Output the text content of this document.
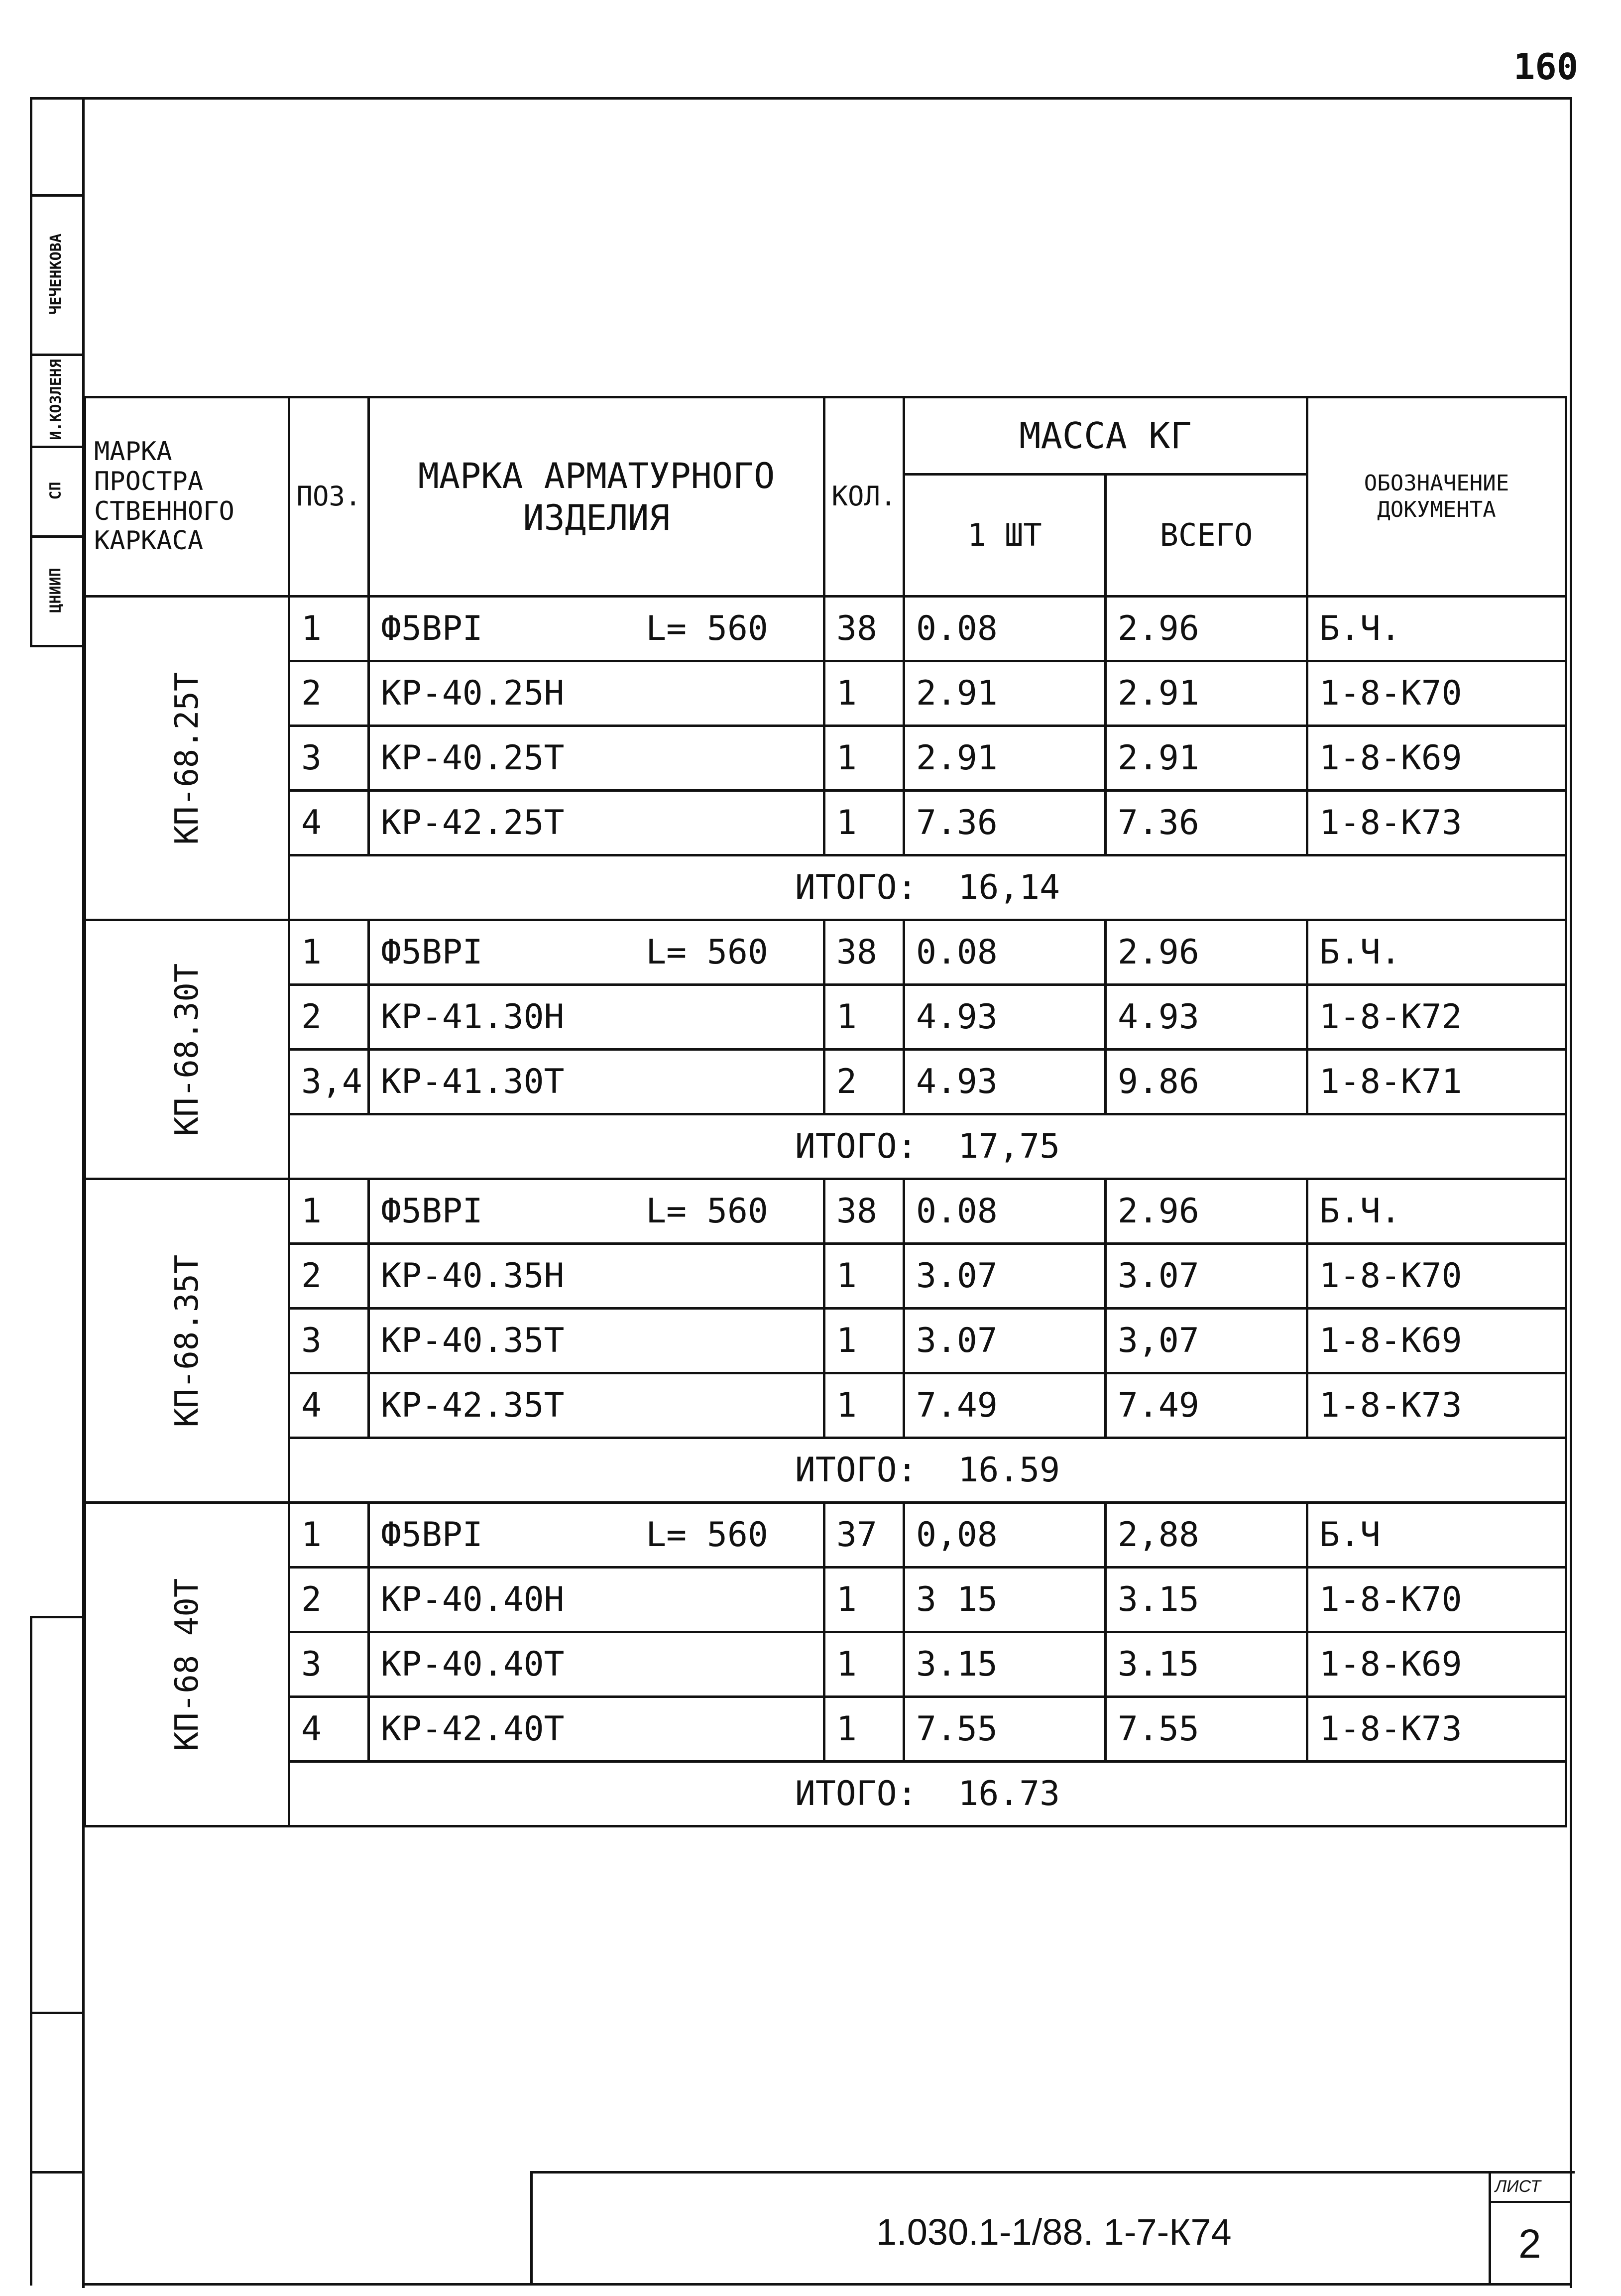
160
ЧЕЧЕНКОВА
И.КОЗЛЕНЯ
СП
ЦНИИП
МАРКА ПРОСТРА СТВЕННОГО КАРКАСА	ПОЗ.	МАРКА АРМАТУРНОГО ИЗДЕЛИЯ	КОЛ.	МАССА КГ		ОБОЗНАЧЕНИЕ ДОКУМЕНТА
				1 ШТ	ВСЕГО	

КП-68.25Т	1	Ф5ВРI        L= 560	38	0.08	2.96	Б.Ч.
	2	КР-40.25Н	1	2.91	2.91	1-8-К70
	3	КР-40.25Т	1	2.91	2.91	1-8-К69
	4	КР-42.25Т	1	7.36	7.36	1-8-К73
	ИТОГО:  16,14					

КП-68.30Т	1	Ф5ВРI        L= 560	38	0.08	2.96	Б.Ч.
	2	КР-41.30Н	1	4.93	4.93	1-8-К72
	3,4	КР-41.30Т	2	4.93	9.86	1-8-К71
	ИТОГО:  17,75					

КП-68.35Т	1	Ф5ВРI        L= 560	38	0.08	2.96	Б.Ч.
	2	КР-40.35Н	1	3.07	3.07	1-8-К70
	3	КР-40.35Т	1	3.07	3,07	1-8-К69
	4	КР-42.35Т	1	7.49	7.49	1-8-К73
	ИТОГО:  16.59					

КП-68 40Т	1	Ф5ВРI        L= 560	37	0,08	2,88	Б.Ч
	2	КР-40.40Н	1	3 15	3.15	1-8-К70
	3	КР-40.40Т	1	3.15	3.15	1-8-К69
	4	КР-42.40Т	1	7.55	7.55	1-8-К73
	ИТОГО:  16.73					
1.030.1-1/88. 1-7-К74
ЛИСТ
2
